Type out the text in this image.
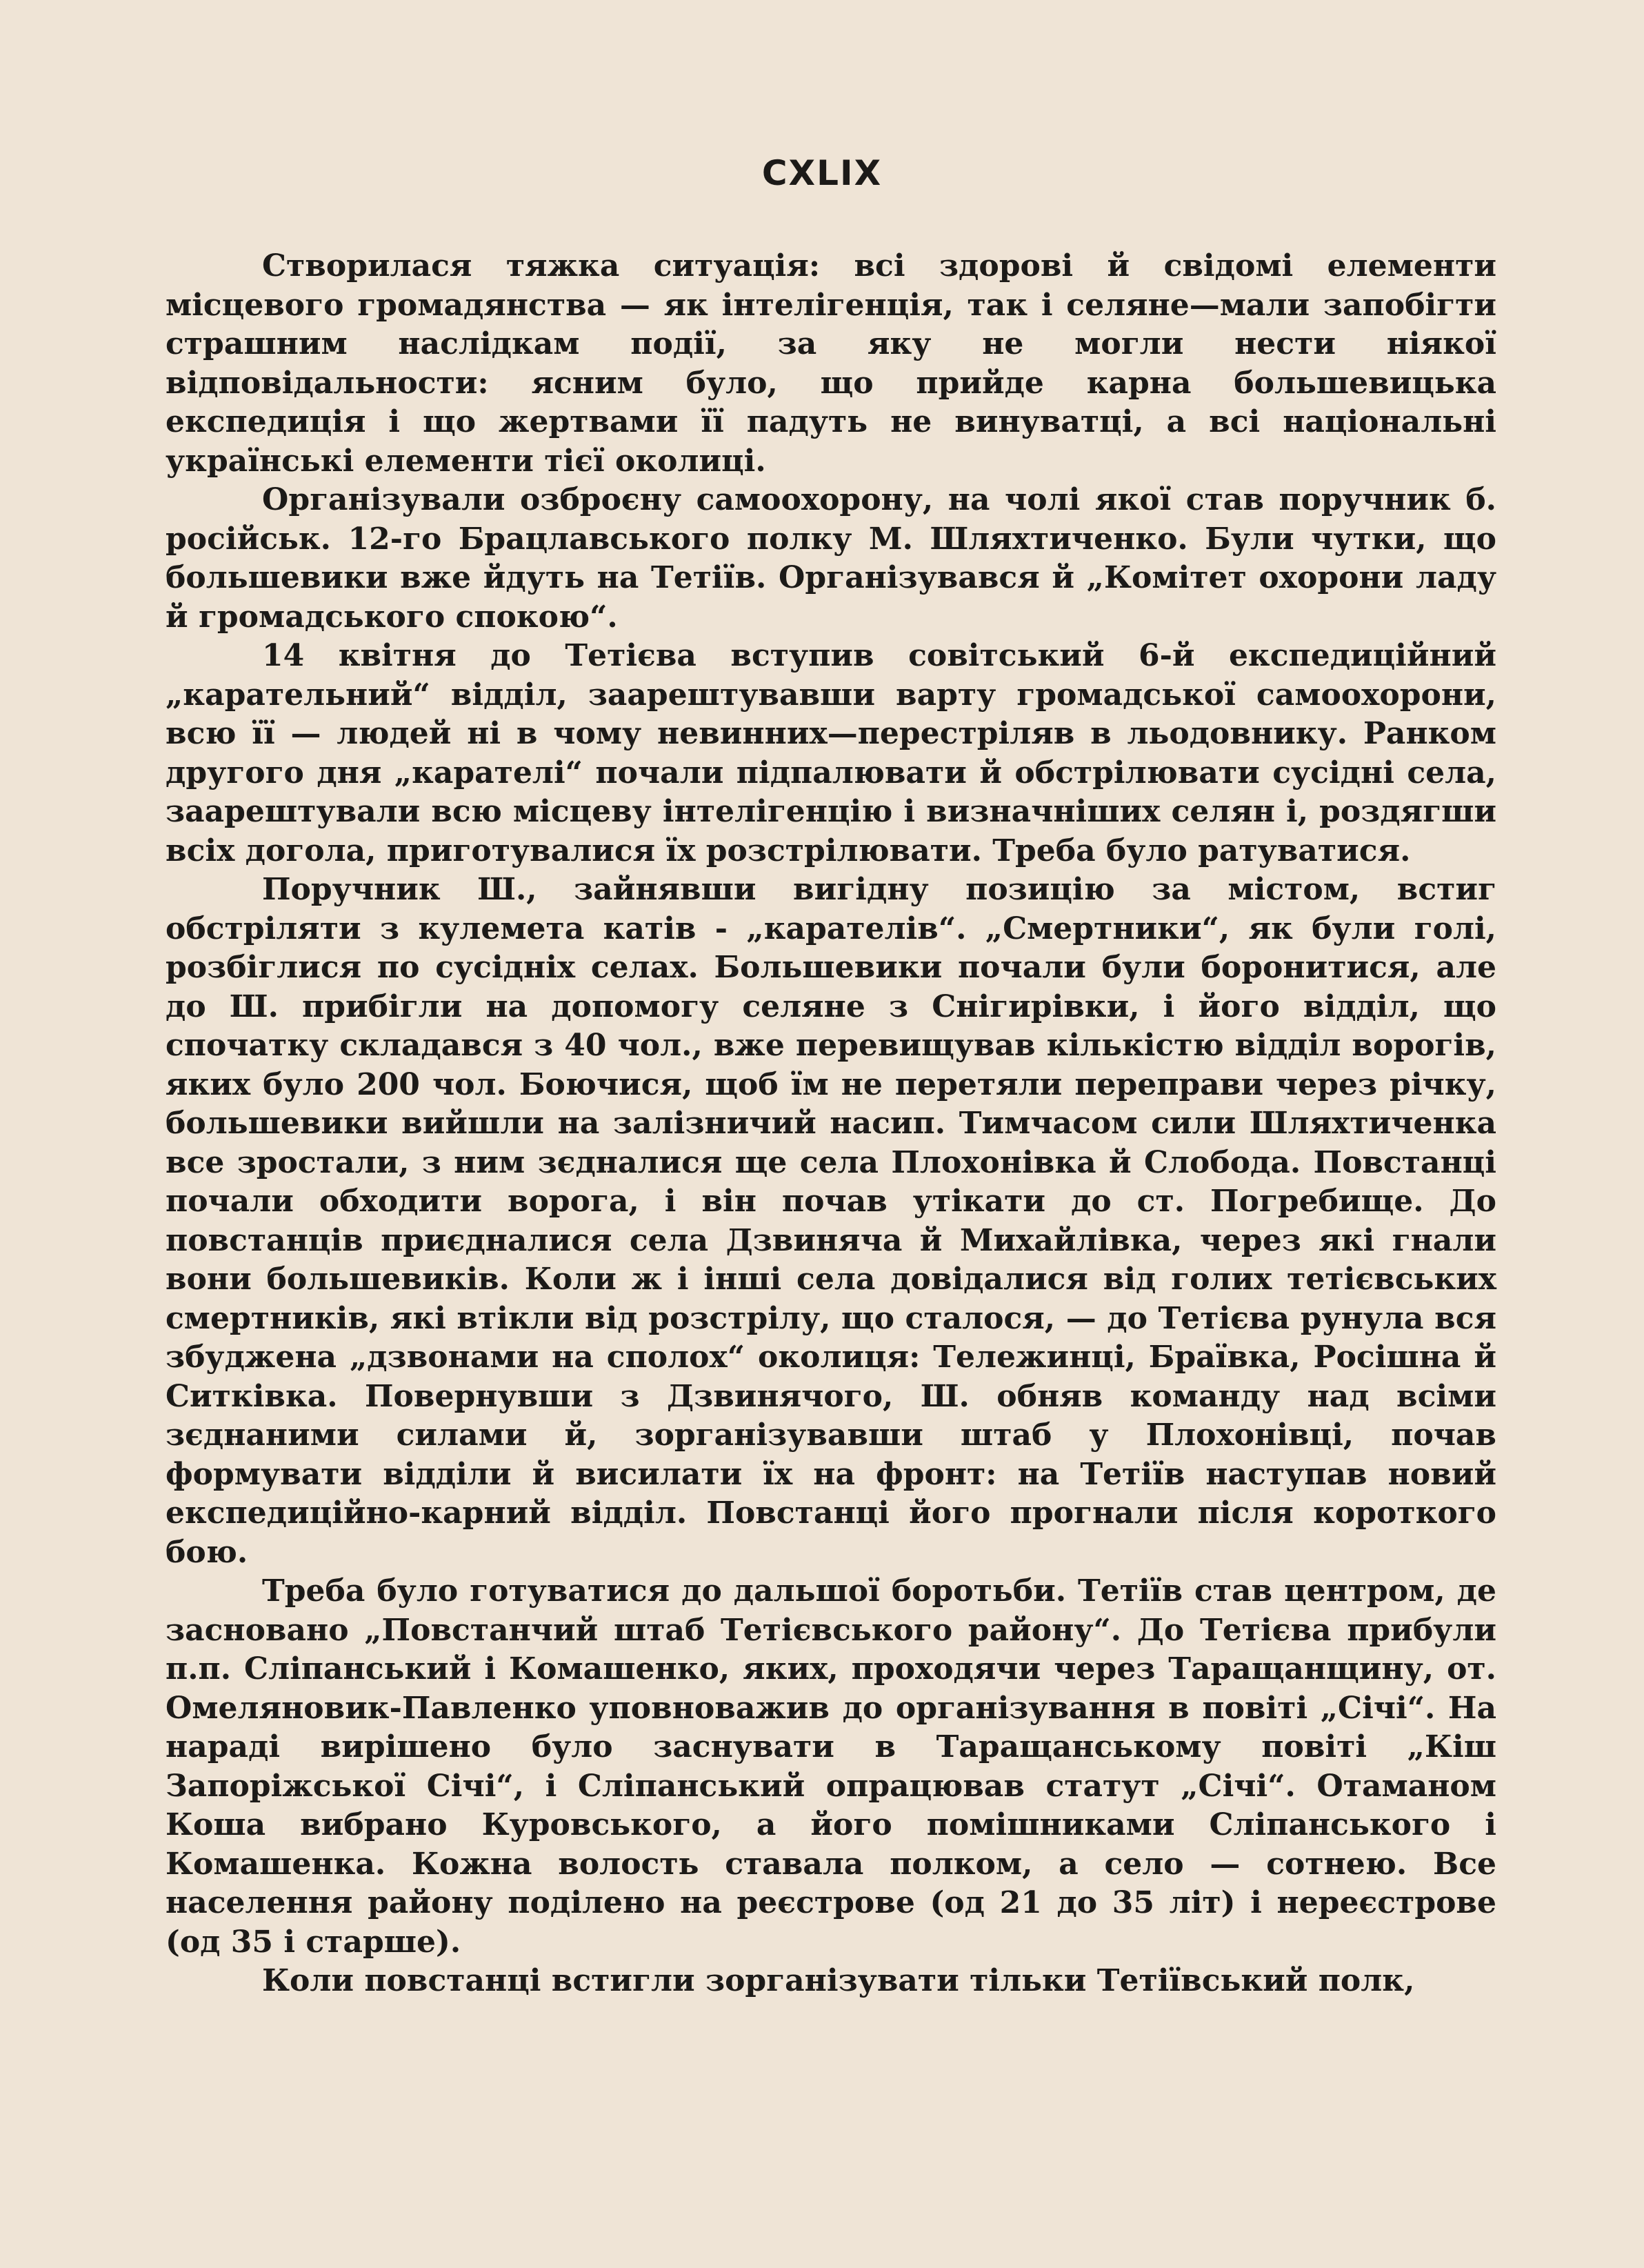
CXLIX

Створилася тяжка ситуація: всі здорові й свідомі елементи місцевого громадянства — як інтелігенція, так і селяне—мали запобігти страшним наслідкам події, за яку не могли нести ніякої відповідальности: ясним було, що прийде карна большевицька експедиція і що жертвами її падуть не винуватці, а всі національні українські елементи тієї околиці.

Організували озброєну самоохорону, на чолі якої став поручник б. російськ. 12-го Брацлавського полку М. Шляхтиченко. Були чутки, що большевики вже йдуть на Тетіїв. Організувався й „Комітет охорони ладу й громадського спокою“.

14 квітня до Тетієва вступив совітський 6-й експедиційний „карательний“ відділ, заарештувавши варту громадської самоохорони, всю її — людей ні в чому невинних—перестріляв в льодовнику. Ранком другого дня „карателі“ почали підпалювати й обстрілювати сусідні села, заарештували всю місцеву інтелігенцію і визначніших селян і, роздягши всіх догола, приготувалися їх розстрілювати. Треба було ратуватися.

Поручник Ш., зайнявши вигідну позицію за містом, встиг обстріляти з кулемета катів - „карателів“. „Смертники“, як були голі, розбіглися по сусідніх селах. Большевики почали були боронитися, але до Ш. прибігли на допомогу селяне з Снігирівки, і його відділ, що спочатку складався з 40 чол., вже перевищував кількістю відділ ворогів, яких було 200 чол. Боючися, щоб їм не перетяли переправи через річку, большевики вийшли на залізничий насип. Тимчасом сили Шляхтиченка все зростали, з ним зєдналися ще села Плохонівка й Слобода. Повстанці почали обходити ворога, і він почав утікати до ст. Погребище. До повстанців приєдналися села Дзвиняча й Михайлівка, через які гнали вони большевиків. Коли ж і інші села довідалися від голих тетієвських смертників, які втікли від розстрілу, що сталося, — до Тетієва рунула вся збуджена „дзвонами на сполох“ околиця: Тележинці, Браївка, Росішна й Ситківка. Повернувши з Дзвинячого, Ш. обняв команду над всіми зєднаними силами й, зорганізувавши штаб у Плохонівці, почав формувати відділи й висилати їх на фронт: на Тетіїв наступав новий експедиційно-карний відділ. Повстанці його прогнали після короткого бою.

Треба було готуватися до дальшої боротьби. Тетіїв став центром, де засновано „Повстанчий штаб Тетієвського району“. До Тетієва прибули п.п. Сліпанський і Комашенко, яких, проходячи через Таращанщину, от. Омеляновик-Павленко уповноважив до організування в повіті „Січі“. На нараді вирішено було заснувати в Таращанському повіті „Кіш Запоріжської Січі“, і Сліпанський опрацював статут „Січі“. Отаманом Коша вибрано Куровського, а його помішниками Сліпанського і Комашенка. Кожна волость ставала полком, а село — сотнею. Все населення району поділено на реєстрове (од 21 до 35 літ) і нереєстрове (од 35 і старше).

Коли повстанці встигли зорганізувати тільки Тетіївський полк,
